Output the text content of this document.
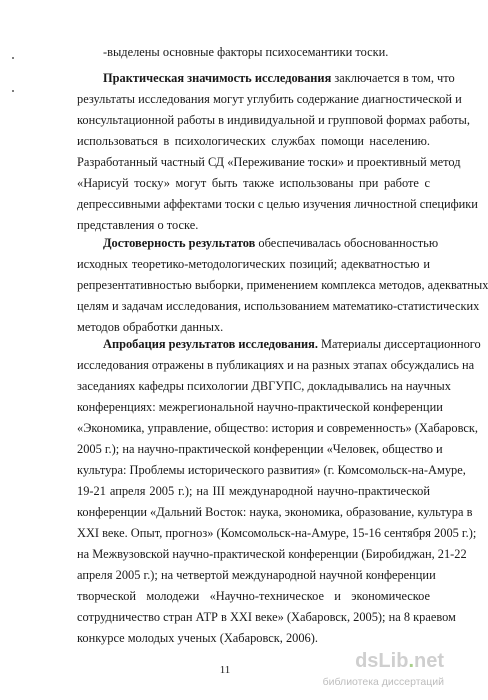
-выделены основные факторы психосемантики тоски.
Практическая значимость исследования заключается в том, что
результаты исследования могут углубить содержание диагностической и
консультационной работы в индивидуальной и групповой формах работы,
использоваться в психологических службах помощи населению.
Разработанный частный СД «Переживание тоски» и проективный метод
«Нарисуй тоску» могут быть также использованы при работе с
депрессивными аффектами тоски с целью изучения личностной специфики
представления о тоске.
Достоверность результатов обеспечивалась обоснованностью
исходных теоретико-методологических позиций; адекватностью и
репрезентативностью выборки, применением комплекса методов, адекватных
целям и задачам исследования, использованием математико-статистических
методов обработки данных.
Апробация результатов исследования. Материалы диссертационного
исследования отражены в публикациях и на разных этапах обсуждались на
заседаниях кафедры психологии ДВГУПС, докладывались на научных
конференциях: межрегиональной научно-практической конференции
«Экономика, управление, общество: история и современность» (Хабаровск,
2005 г.); на научно-практической конференции «Человек, общество и
культура: Проблемы исторического развития» (г. Комсомольск-на-Амуре,
19-21 апреля 2005 г.); на III международной научно-практической
конференции «Дальний Восток: наука, экономика, образование, культура в
XXI веке. Опыт, прогноз» (Комсомольск-на-Амуре, 15-16 сентября 2005 г.);
на Межвузовской научно-практической конференции (Биробиджан, 21-22
апреля 2005 г.); на четвертой международной научной конференции
творческой молодежи «Научно-техническое и экономическое
сотрудничество стран АТР в XXI веке» (Хабаровск, 2005); на 8 краевом
конкурсе молодых ученых (Хабаровск, 2006).
11	dsLib.net
библиотека диссертаций
